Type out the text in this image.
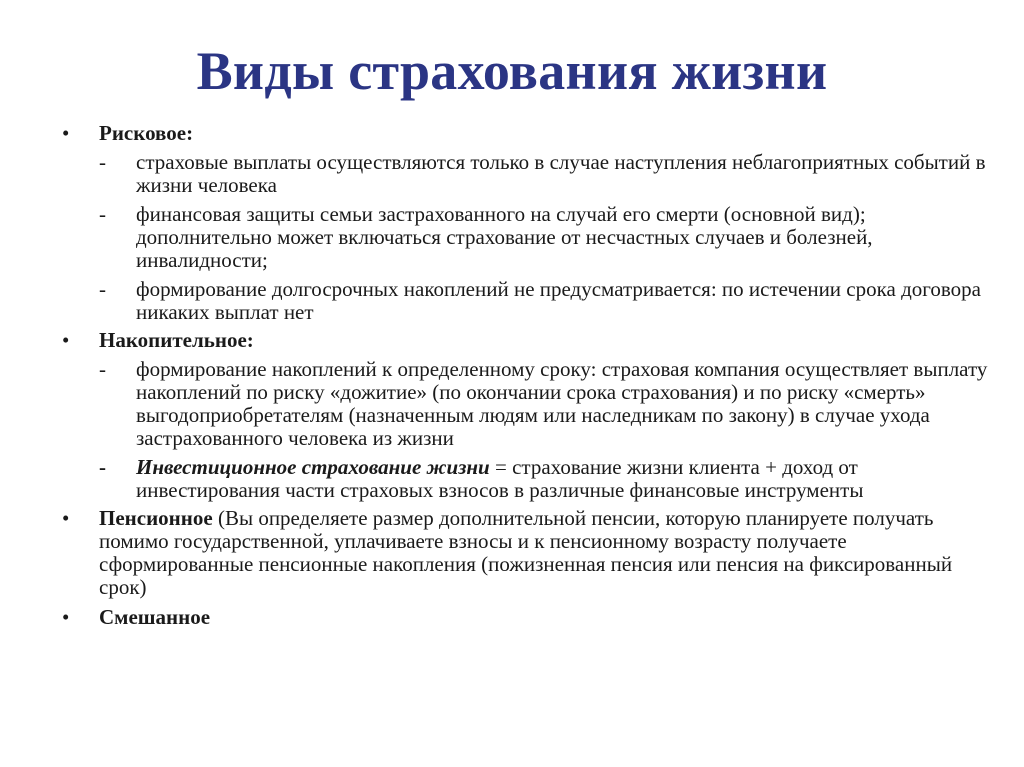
Виды страхования жизни
• Рисковое:
- страховые выплаты осуществляются только в случае наступления неблагоприятных событий в жизни человека
- финансовая защиты семьи застрахованного на случай его смерти (основной вид); дополнительно может включаться страхование от несчастных случаев и болезней, инвалидности;
- формирование долгосрочных накоплений не предусматривается: по истечении срока договора никаких выплат нет
• Накопительное:
- формирование накоплений к определенному сроку: страховая компания осуществляет выплату накоплений по риску «дожитие» (по окончании срока страхования) и по риску «смерть» выгодоприобретателям (назначенным людям или наследникам по закону) в случае ухода застрахованного человека из жизни
- Инвестиционное страхование жизни = страхование жизни клиента + доход от инвестирования части страховых взносов в различные финансовые инструменты
• Пенсионное (Вы определяете размер дополнительной пенсии, которую планируете получать помимо государственной, уплачиваете взносы и к пенсионному возрасту получаете сформированные пенсионные накопления (пожизненная пенсия или пенсия на фиксированный срок)
• Смешанное
